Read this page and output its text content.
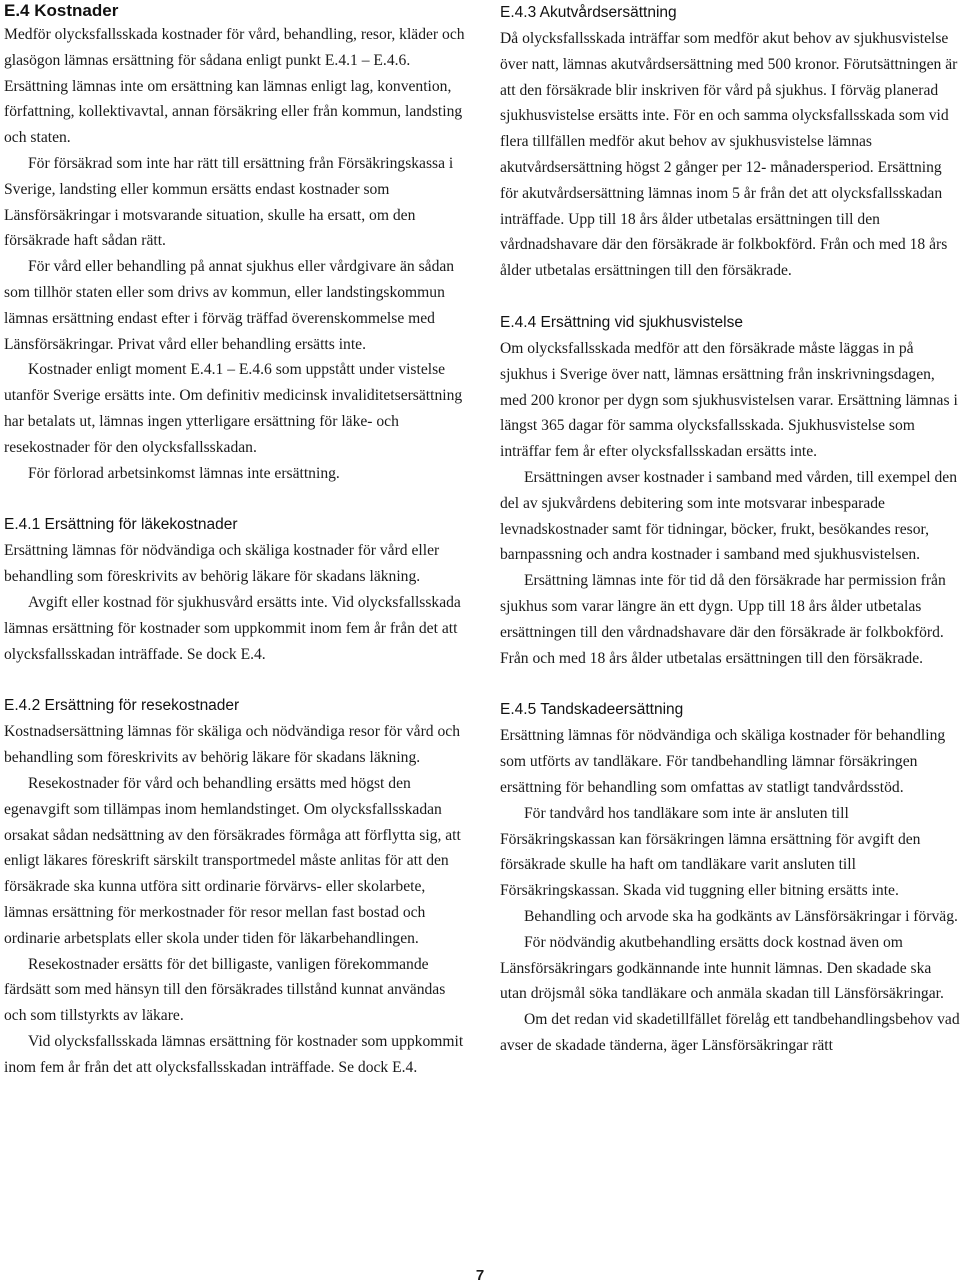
E.4 Kostnader

Medför olycksfallsskada kostnader för vård, behandling, resor, kläder och glasögon lämnas ersättning för sådana enligt punkt E.4.1 – E.4.6. Ersättning lämnas inte om ersättning kan lämnas enligt lag, konvention, författning, kollektivavtal, annan försäkring eller från kommun, landsting och staten.

För försäkrad som inte har rätt till ersättning från Försäkringskassa i Sverige, landsting eller kommun ersätts endast kostnader som Länsförsäkringar i motsvarande situation, skulle ha ersatt, om den försäkrade haft sådan rätt.

För vård eller behandling på annat sjukhus eller vårdgivare än sådan som tillhör staten eller som drivs av kommun, eller landstingskommun lämnas ersättning endast efter i förväg träffad överenskommelse med Länsförsäkringar. Privat vård eller behandling ersätts inte.

Kostnader enligt moment E.4.1 – E.4.6 som uppstått under vistelse utanför Sverige ersätts inte. Om definitiv medicinsk invaliditetsersättning har betalats ut, lämnas ingen ytterligare ersättning för läke- och resekostnader för den olycksfallsskadan.

För förlorad arbetsinkomst lämnas inte ersättning.

E.4.1 Ersättning för läkekostnader

Ersättning lämnas för nödvändiga och skäliga kostnader för vård eller behandling som föreskrivits av behörig läkare för skadans läkning.

Avgift eller kostnad för sjukhusvård ersätts inte. Vid olycksfallsskada lämnas ersättning för kostnader som uppkommit inom fem år från det att olycksfallsskadan inträffade. Se dock E.4.

E.4.2 Ersättning för resekostnader

Kostnadsersättning lämnas för skäliga och nödvändiga resor för vård och behandling som föreskrivits av behörig läkare för skadans läkning.

Resekostnader för vård och behandling ersätts med högst den egenavgift som tillämpas inom hemlandstinget. Om olycksfallsskadan orsakat sådan nedsättning av den försäkrades förmåga att förflytta sig, att enligt läkares föreskrift särskilt transportmedel måste anlitas för att den försäkrade ska kunna utföra sitt ordinarie förvärvs- eller skolarbete, lämnas ersättning för merkostnader för resor mellan fast bostad och ordinarie arbetsplats eller skola under tiden för läkarbehandlingen.

Resekostnader ersätts för det billigaste, vanligen förekommande färdsätt som med hänsyn till den försäkrades tillstånd kunnat användas och som tillstyrkts av läkare.

Vid olycksfallsskada lämnas ersättning för kostnader som uppkommit inom fem år från det att olycksfallsskadan inträffade. Se dock E.4.

E.4.3 Akutvårdsersättning

Då olycksfallsskada inträffar som medför akut behov av sjukhusvistelse över natt, lämnas akutvårdsersättning med 500 kronor. Förutsättningen är att den försäkrade blir inskriven för vård på sjukhus. I förväg planerad sjukhusvistelse ersätts inte. För en och samma olycksfallsskada som vid flera tillfällen medför akut behov av sjukhusvistelse lämnas akutvårdsersättning högst 2 gånger per 12- månadersperiod. Ersättning för akutvårdsersättning lämnas inom 5 år från det att olycksfallsskadan inträffade. Upp till 18 års ålder utbetalas ersättningen till den vårdnadshavare där den försäkrade är folkbokförd. Från och med 18 års ålder utbetalas ersättningen till den försäkrade.

E.4.4 Ersättning vid sjukhusvistelse

Om olycksfallsskada medför att den försäkrade måste läggas in på sjukhus i Sverige över natt, lämnas ersättning från inskrivningsdagen, med 200 kronor per dygn som sjukhusvistelsen varar. Ersättning lämnas i längst 365 dagar för samma olycksfallsskada. Sjukhusvistelse som inträffar fem år efter olycksfallsskadan ersätts inte.

Ersättningen avser kostnader i samband med vården, till exempel den del av sjukvårdens debitering som inte motsvarar inbesparade levnadskostnader samt för tidningar, böcker, frukt, besökandes resor, barnpassning och andra kostnader i samband med sjukhusvistelsen.

Ersättning lämnas inte för tid då den försäkrade har permission från sjukhus som varar längre än ett dygn. Upp till 18 års ålder utbetalas ersättningen till den vårdnadshavare där den försäkrade är folkbokförd. Från och med 18 års ålder utbetalas ersättningen till den försäkrade.

E.4.5 Tandskadeersättning

Ersättning lämnas för nödvändiga och skäliga kostnader för behandling som utförts av tandläkare. För tandbehandling lämnar försäkringen ersättning för behandling som omfattas av statligt tandvårdsstöd.

För tandvård hos tandläkare som inte är ansluten till Försäkringskassan kan försäkringen lämna ersättning för avgift den försäkrade skulle ha haft om tandläkare varit ansluten till Försäkringskassan. Skada vid tuggning eller bitning ersätts inte.

Behandling och arvode ska ha godkänts av Länsförsäkringar i förväg.

För nödvändig akutbehandling ersätts dock kostnad även om Länsförsäkringars godkännande inte hunnit lämnas. Den skadade ska utan dröjsmål söka tandläkare och anmäla skadan till Länsförsäkringar.

Om det redan vid skadetillfället förelåg ett tandbehandlingsbehov vad avser de skadade tänderna, äger Länsförsäkringar rätt

7
